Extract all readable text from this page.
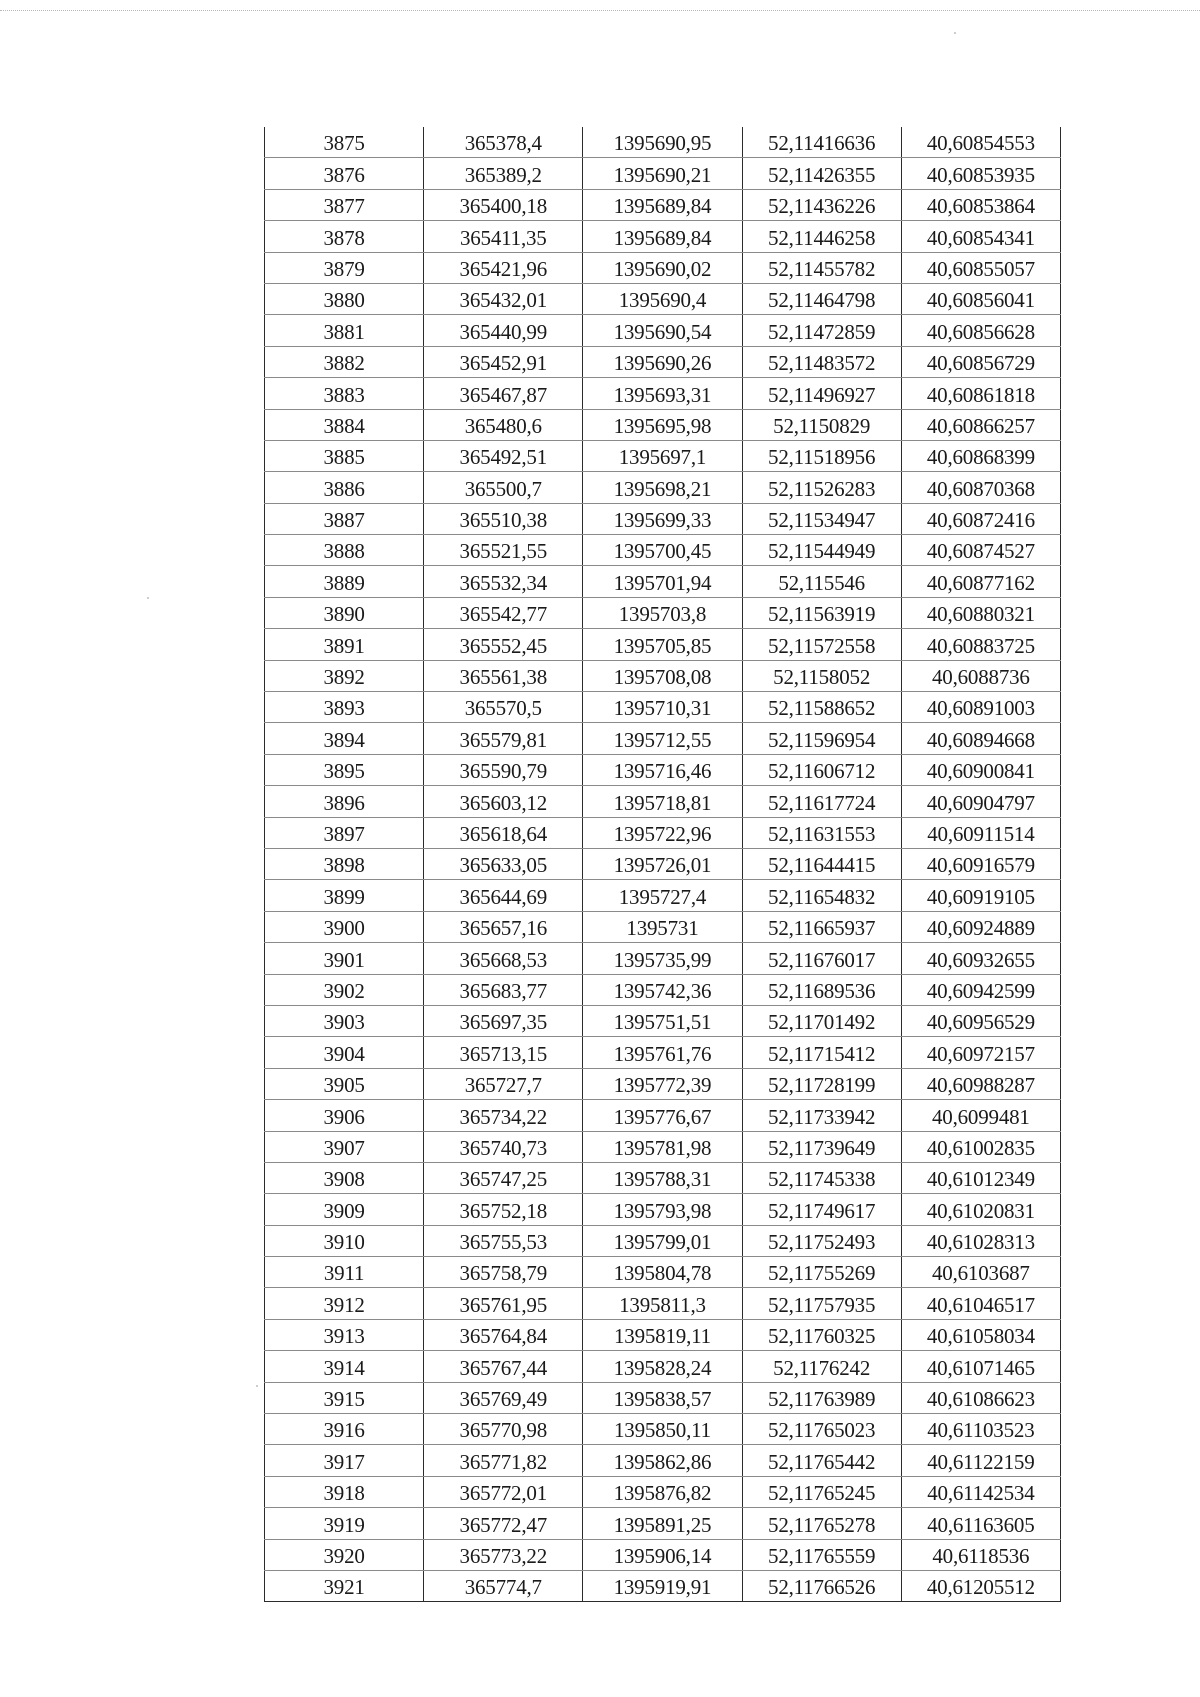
3875	365378,4	1395690,95	52,11416636	40,60854553
3876	365389,2	1395690,21	52,11426355	40,60853935
3877	365400,18	1395689,84	52,11436226	40,60853864
3878	365411,35	1395689,84	52,11446258	40,60854341
3879	365421,96	1395690,02	52,11455782	40,60855057
3880	365432,01	1395690,4	52,11464798	40,60856041
3881	365440,99	1395690,54	52,11472859	40,60856628
3882	365452,91	1395690,26	52,11483572	40,60856729
3883	365467,87	1395693,31	52,11496927	40,60861818
3884	365480,6	1395695,98	52,1150829	40,60866257
3885	365492,51	1395697,1	52,11518956	40,60868399
3886	365500,7	1395698,21	52,11526283	40,60870368
3887	365510,38	1395699,33	52,11534947	40,60872416
3888	365521,55	1395700,45	52,11544949	40,60874527
3889	365532,34	1395701,94	52,115546	40,60877162
3890	365542,77	1395703,8	52,11563919	40,60880321
3891	365552,45	1395705,85	52,11572558	40,60883725
3892	365561,38	1395708,08	52,1158052	40,6088736
3893	365570,5	1395710,31	52,11588652	40,60891003
3894	365579,81	1395712,55	52,11596954	40,60894668
3895	365590,79	1395716,46	52,11606712	40,60900841
3896	365603,12	1395718,81	52,11617724	40,60904797
3897	365618,64	1395722,96	52,11631553	40,60911514
3898	365633,05	1395726,01	52,11644415	40,60916579
3899	365644,69	1395727,4	52,11654832	40,60919105
3900	365657,16	1395731	52,11665937	40,60924889
3901	365668,53	1395735,99	52,11676017	40,60932655
3902	365683,77	1395742,36	52,11689536	40,60942599
3903	365697,35	1395751,51	52,11701492	40,60956529
3904	365713,15	1395761,76	52,11715412	40,60972157
3905	365727,7	1395772,39	52,11728199	40,60988287
3906	365734,22	1395776,67	52,11733942	40,6099481
3907	365740,73	1395781,98	52,11739649	40,61002835
3908	365747,25	1395788,31	52,11745338	40,61012349
3909	365752,18	1395793,98	52,11749617	40,61020831
3910	365755,53	1395799,01	52,11752493	40,61028313
3911	365758,79	1395804,78	52,11755269	40,6103687
3912	365761,95	1395811,3	52,11757935	40,61046517
3913	365764,84	1395819,11	52,11760325	40,61058034
3914	365767,44	1395828,24	52,1176242	40,61071465
3915	365769,49	1395838,57	52,11763989	40,61086623
3916	365770,98	1395850,11	52,11765023	40,61103523
3917	365771,82	1395862,86	52,11765442	40,61122159
3918	365772,01	1395876,82	52,11765245	40,61142534
3919	365772,47	1395891,25	52,11765278	40,61163605
3920	365773,22	1395906,14	52,11765559	40,6118536
3921	365774,7	1395919,91	52,11766526	40,61205512
